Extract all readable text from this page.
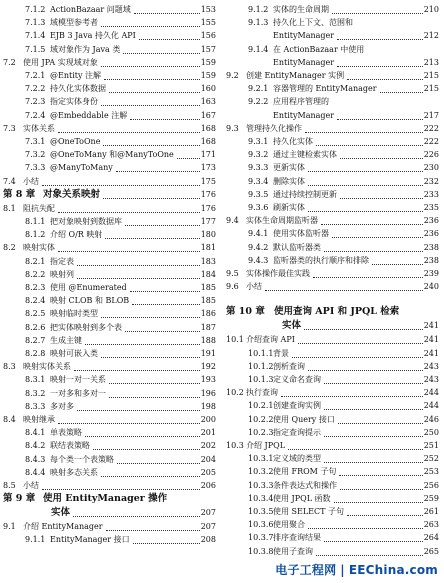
7.1.2 ActionBazaar 问题域	153
7.1.3 域模型参考者	155
7.1.4 EJB 3 Java 持久化 API	156
7.1.5 域对象作为 Java 类	157
7.2 使用 JPA 实现域对象	159
7.2.1 @Entity 注解	159
7.2.2 持久化实体数据	160
7.2.3 指定实体身份	163
7.2.4 @Embeddable 注解	167
7.3 实体关系	168
7.3.1 @OneToOne	168
7.3.2 @OneToMany 和@ManyToOne	171
7.3.3 @ManyToMany	173
7.4 小结	175
第 8 章 对象关系映射	176
8.1 阻抗失配	176
8.1.1 把对象映射到数据库	177
8.1.2 介绍 O/R 映射	180
8.2 映射实体	181
8.2.1 指定表	183
8.2.2 映射列	184
8.2.3 使用 @Enumerated	185
8.2.4 映射 CLOB 和 BLOB	185
8.2.5 映射临时类型	186
8.2.6 把实体映射到多个表	187
8.2.7 生成主键	188
8.2.8 映射可嵌入类	191
8.3 映射实体关系	192
8.3.1 映射一对一关系	193
8.3.2 一对多和多对一	196
8.3.3 多对多	198
8.4 映射继承	200
8.4.1 单表策略	201
8.4.2 联结表策略	202
8.4.3 每个类一个表策略	204
8.4.4 映射多态关系	205
8.5 小结	206
第 9 章 使用 EntityManager 操作
实体	207
9.1 介绍 EntityManager	207
9.1.1 EntityManager 接口	208
9.1.2 实体的生命周期	210
9.1.3 持久化上下文、范围和
EntityManager	212
9.1.4 在 ActionBazaar 中使用
EntityManager	213
9.2 创建 EntityManager 实例	215
9.2.1 容器管理的 EntityManager	215
9.2.2 应用程序管理的
EntityManager	217
9.3 管理持久化操作	222
9.3.1 持久化实体	222
9.3.2 通过主键检索实体	226
9.3.3 更新实体	230
9.3.4 删除实体	232
9.3.5 通过持续控制更新	233
9.3.6 刷新实体	235
9.4 实体生命周期监听器	236
9.4.1 使用实体监听器	236
9.4.2 默认监听器类	238
9.4.3 监听器类的执行顺序和排除	238
9.5 实体操作最佳实践	239
9.6 小结	240
第 10 章 使用查询 API 和 JPQL 检索
实体	241
10.1 介绍查询 API	241
10.1.1 背景	241
10.1.2 剖析查询	243
10.1.3 定义命名查询	243
10.2 执行查询	244
10.2.1 创建查询实例	244
10.2.2 使用 Query 接口	246
10.2.3 指定查询提示	250
10.3 介绍 JPQL	251
10.3.1 定义域的类型	252
10.3.2 使用 FROM 子句	253
10.3.3 条件表达式和操作	256
10.3.4 使用 JPQL 函数	259
10.3.5 使用 SELECT 子句	261
10.3.6 使用聚合	263
10.3.7 排序查询结果	264
10.3.8 使用子查询	265
电子工程网 | EEChina.com
